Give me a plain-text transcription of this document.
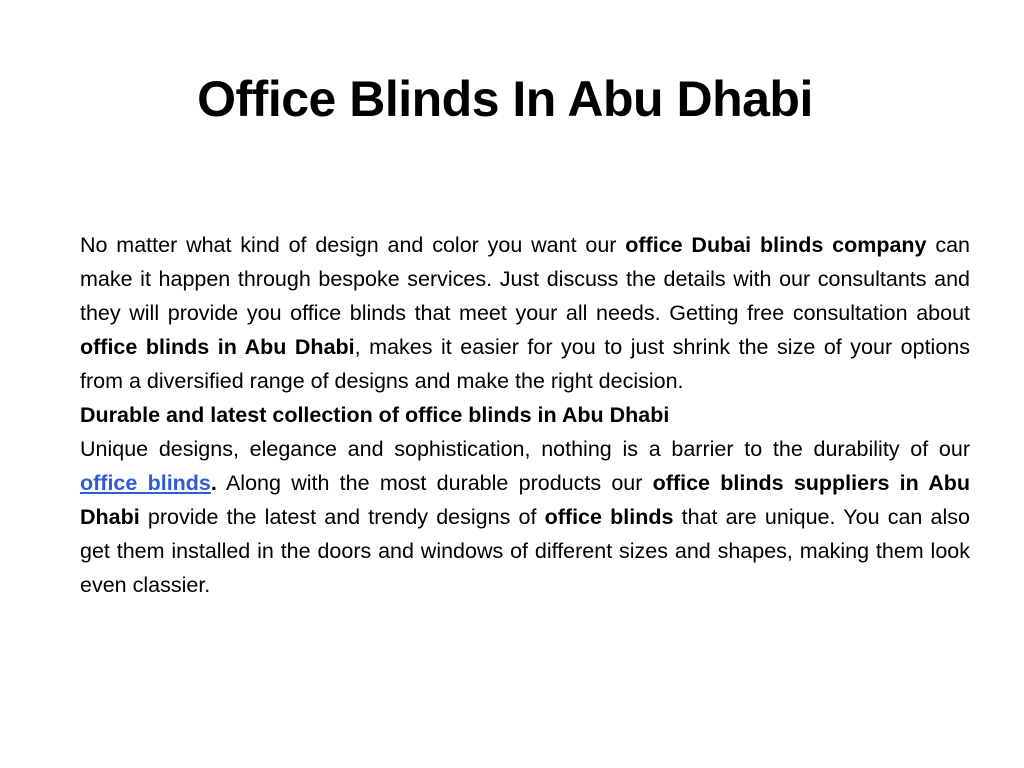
Office Blinds In Abu Dhabi

No matter what kind of design and color you want our office Dubai blinds company can make it happen through bespoke services. Just discuss the details with our consultants and they will provide you office blinds that meet your all needs. Getting free consultation about office blinds in Abu Dhabi, makes it easier for you to just shrink the size of your options from a diversified range of designs and make the right decision.

Durable and latest collection of office blinds in Abu Dhabi

Unique designs, elegance and sophistication, nothing is a barrier to the durability of our office blinds. Along with the most durable products our office blinds suppliers in Abu Dhabi provide the latest and trendy designs of office blinds that are unique. You can also get them installed in the doors and windows of different sizes and shapes, making them look even classier.
